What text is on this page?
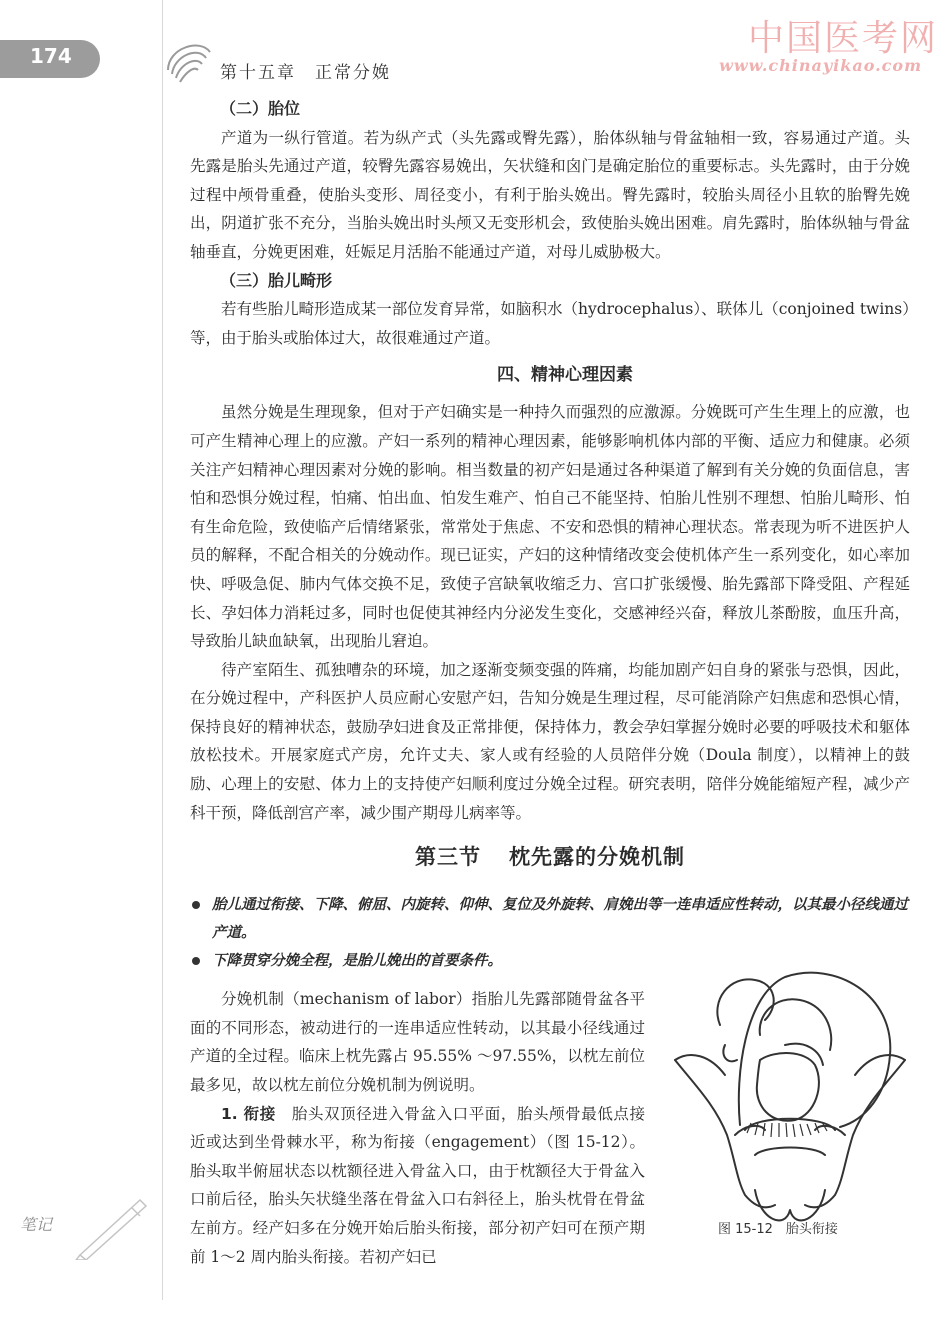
174
第十五章　正常分娩
中国医考网
www.chinayikao.com
（二）胎位

产道为一纵行管道。若为纵产式（头先露或臀先露），胎体纵轴与骨盆轴相一致，容易通过产道。头先露是胎头先通过产道，较臀先露容易娩出，矢状缝和囟门是确定胎位的重要标志。头先露时，由于分娩过程中颅骨重叠，使胎头变形、周径变小，有利于胎头娩出。臀先露时，较胎头周径小且软的胎臀先娩出，阴道扩张不充分，当胎头娩出时头颅又无变形机会，致使胎头娩出困难。肩先露时，胎体纵轴与骨盆轴垂直，分娩更困难，妊娠足月活胎不能通过产道，对母儿威胁极大。

（三）胎儿畸形

若有些胎儿畸形造成某一部位发育异常，如脑积水（hydrocephalus）、联体儿（conjoined twins）等，由于胎头或胎体过大，故很难通过产道。

四、精神心理因素

虽然分娩是生理现象，但对于产妇确实是一种持久而强烈的应激源。分娩既可产生生理上的应激，也可产生精神心理上的应激。产妇一系列的精神心理因素，能够影响机体内部的平衡、适应力和健康。必须关注产妇精神心理因素对分娩的影响。相当数量的初产妇是通过各种渠道了解到有关分娩的负面信息，害怕和恐惧分娩过程，怕痛、怕出血、怕发生难产、怕自己不能坚持、怕胎儿性别不理想、怕胎儿畸形、怕有生命危险，致使临产后情绪紧张，常常处于焦虑、不安和恐惧的精神心理状态。常表现为听不进医护人员的解释，不配合相关的分娩动作。现已证实，产妇的这种情绪改变会使机体产生一系列变化，如心率加快、呼吸急促、肺内气体交换不足，致使子宫缺氧收缩乏力、宫口扩张缓慢、胎先露部下降受阻、产程延长、孕妇体力消耗过多，同时也促使其神经内分泌发生变化，交感神经兴奋，释放儿茶酚胺，血压升高，导致胎儿缺血缺氧，出现胎儿窘迫。

待产室陌生、孤独嘈杂的环境，加之逐渐变频变强的阵痛，均能加剧产妇自身的紧张与恐惧，因此，在分娩过程中，产科医护人员应耐心安慰产妇，告知分娩是生理过程，尽可能消除产妇焦虑和恐惧心情，保持良好的精神状态，鼓励孕妇进食及正常排便，保持体力，教会孕妇掌握分娩时必要的呼吸技术和躯体放松技术。开展家庭式产房，允许丈夫、家人或有经验的人员陪伴分娩（Doula 制度），以精神上的鼓励、心理上的安慰、体力上的支持使产妇顺利度过分娩全过程。研究表明，陪伴分娩能缩短产程，减少产科干预，降低剖宫产率，减少围产期母儿病率等。

第三节 枕先露的分娩机制
胎儿通过衔接、下降、俯屈、内旋转、仰伸、复位及外旋转、肩娩出等一连串适应性转动，以其最小径线通过产道。
下降贯穿分娩全程，是胎儿娩出的首要条件。

分娩机制（mechanism of labor）指胎儿先露部随骨盆各平面的不同形态，被动进行的一连串适应性转动，以其最小径线通过产道的全过程。临床上枕先露占 95.55% ～97.55%，以枕左前位最多见，故以枕左前位分娩机制为例说明。

1. 衔接　胎头双顶径进入骨盆入口平面，胎头颅骨最低点接近或达到坐骨棘水平，称为衔接（engagement）（图 15-12）。胎头取半俯屈状态以枕额径进入骨盆入口，由于枕额径大于骨盆入口前后径，胎头矢状缝坐落在骨盆入口右斜径上，胎头枕骨在骨盆左前方。经产妇多在分娩开始后胎头衔接，部分初产妇可在预产期前 1～2 周内胎头衔接。若初产妇已

图 15-12　胎头衔接
笔记
